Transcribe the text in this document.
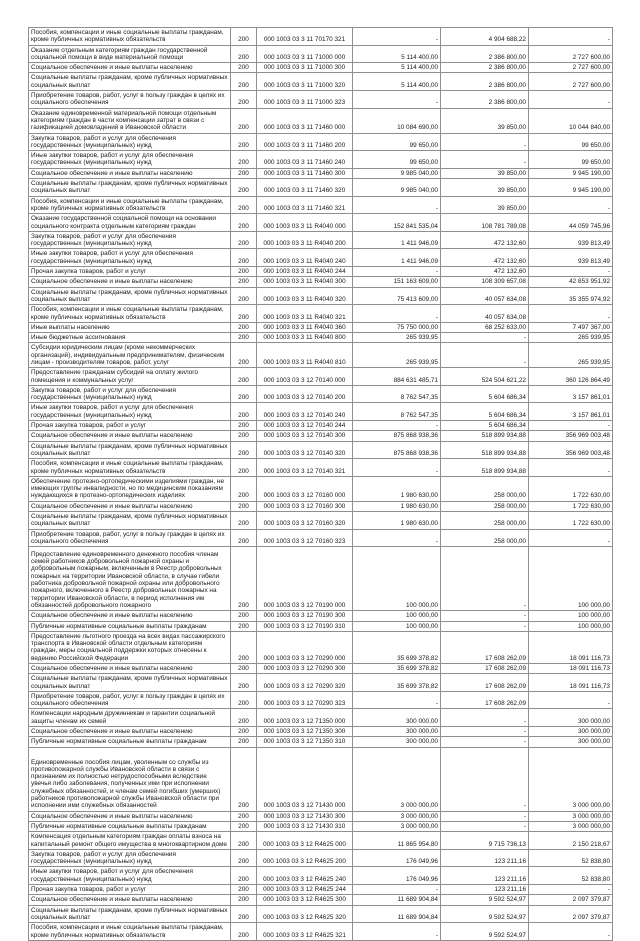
Пособия, компенсации и иные социальные выплаты гражданам, кроме публичных нормативных обязательств	200	000 1003 03 3 11 70170 321	-	4 904 688,22	-
Оказание отдельным категориям граждан государственной социальной помощи в виде материальной помощи	200	000 1003 03 3 11 71000 000	5 114 400,00	2 386 800,00	2 727 600,00
Социальное обеспечение и иные выплаты населению	200	000 1003 03 3 11 71000 300	5 114 400,00	2 386 800,00	2 727 600,00
Социальные выплаты гражданам, кроме публичных нормативных социальных выплат	200	000 1003 03 3 11 71000 320	5 114 400,00	2 386 800,00	2 727 600,00
Приобретение товаров, работ, услуг в пользу граждан в целях их социального обеспечения	200	000 1003 03 3 11 71000 323	-	2 386 800,00	-
Оказание единовременной материальной помощи отдельным категориям граждан в части компенсации затрат в связи с газификацией домовладений в Ивановской области	200	000 1003 03 3 11 71460 000	10 084 690,00	39 850,00	10 044 840,00
Закупка товаров, работ и услуг для обеспечения государственных (муниципальных) нужд	200	000 1003 03 3 11 71460 200	99 650,00	-	99 650,00
Иные закупки товаров, работ и услуг для обеспечения государственных (муниципальных) нужд	200	000 1003 03 3 11 71460 240	99 650,00	-	99 650,00
Социальное обеспечение и иные выплаты населению	200	000 1003 03 3 11 71460 300	9 985 040,00	39 850,00	9 945 190,00
Социальные выплаты гражданам, кроме публичных нормативных социальных выплат	200	000 1003 03 3 11 71460 320	9 985 040,00	39 850,00	9 945 190,00
Пособия, компенсации и иные социальные выплаты гражданам, кроме публичных нормативных обязательств	200	000 1003 03 3 11 71460 321	-	39 850,00	-
Оказание государственной социальной помощи на основании социального контракта отдельным категориям граждан	200	000 1003 03 3 11 R4040 000	152 841 535,04	108 781 789,08	44 059 745,96
Закупка товаров, работ и услуг для обеспечения государственных (муниципальных) нужд	200	000 1003 03 3 11 R4040 200	1 411 946,09	472 132,60	939 813,49
Иные закупки товаров, работ и услуг для обеспечения государственных (муниципальных) нужд	200	000 1003 03 3 11 R4040 240	1 411 946,09	472 132,60	939 813,49
Прочая закупка товаров, работ и услуг	200	000 1003 03 3 11 R4040 244	-	472 132,60	-
Социальное обеспечение и иные выплаты населению	200	000 1003 03 3 11 R4040 300	151 163 609,00	108 309 657,08	42 853 951,92
Социальные выплаты гражданам, кроме публичных нормативных социальных выплат	200	000 1003 03 3 11 R4040 320	75 413 609,00	40 057 634,08	35 355 974,92
Пособия, компенсации и иные социальные выплаты гражданам, кроме публичных нормативных обязательств	200	000 1003 03 3 11 R4040 321	-	40 057 634,08	-
Иные выплаты населению	200	000 1003 03 3 11 R4040 360	75 750 000,00	68 252 633,00	7 497 367,00
Иные бюджетные ассигнования	200	000 1003 03 3 11 R4040 800	265 939,95	-	265 939,95
Субсидии юридическим лицам (кроме некоммерческих организаций), индивидуальным предпринимателям, физическим лицам - производителям товаров, работ, услуг	200	000 1003 03 3 11 R4040 810	265 939,95	-	265 939,95
Предоставление гражданам субсидий на оплату жилого помещения и коммунальных услуг	200	000 1003 03 3 12 70140 000	884 631 485,71	524 504 621,22	360 126 864,49
Закупка товаров, работ и услуг для обеспечения государственных (муниципальных) нужд	200	000 1003 03 3 12 70140 200	8 762 547,35	5 604 686,34	3 157 861,01
Иные закупки товаров, работ и услуг для обеспечения государственных (муниципальных) нужд	200	000 1003 03 3 12 70140 240	8 762 547,35	5 604 686,34	3 157 861,01
Прочая закупка товаров, работ и услуг	200	000 1003 03 3 12 70140 244	-	5 604 686,34	-
Социальное обеспечение и иные выплаты населению	200	000 1003 03 3 12 70140 300	875 868 938,36	518 899 934,88	356 969 003,48
Социальные выплаты гражданам, кроме публичных нормативных социальных выплат	200	000 1003 03 3 12 70140 320	875 868 938,36	518 899 934,88	356 969 003,48
Пособия, компенсации и иные социальные выплаты гражданам, кроме публичных нормативных обязательств	200	000 1003 03 3 12 70140 321	-	518 899 934,88	-
Обеспечение протезно-ортопедическими изделиями граждан, не имеющих группы инвалидности, но по медицинским показаниям нуждающихся в протезно-ортопедических изделиях	200	000 1003 03 3 12 70160 000	1 980 630,00	258 000,00	1 722 630,00
Социальное обеспечение и иные выплаты населению	200	000 1003 03 3 12 70160 300	1 980 630,00	258 000,00	1 722 630,00
Социальные выплаты гражданам, кроме публичных нормативных социальных выплат	200	000 1003 03 3 12 70160 320	1 980 630,00	258 000,00	1 722 630,00
Приобретение товаров, работ, услуг в пользу граждан в целях их социального обеспечения	200	000 1003 03 3 12 70160 323	-	258 000,00	-
Предоставление единовременного денежного пособия членам семей работников добровольной пожарной охраны и добровольным пожарным, включенным в Реестр добровольных пожарных на территории Ивановской области, в случае гибели работника добровольной пожарной охраны или добровольного пожарного, включенного в Реестр добровольных пожарных на территории Ивановской области, в период исполнения им обязанностей добровольного пожарного	200	000 1003 03 3 12 70190 000	100 000,00	-	100 000,00
Социальное обеспечение и иные выплаты населению	200	000 1003 03 3 12 70190 300	100 000,00	-	100 000,00
Публичные нормативные социальные выплаты гражданам	200	000 1003 03 3 12 70190 310	100 000,00	-	100 000,00
Предоставление льготного проезда на всех видах пассажирского транспорта в Ивановской области отдельным категориям граждан, меры социальной поддержки которых отнесены к ведению Российской Федерации	200	000 1003 03 3 12 70290 000	35 699 378,82	17 608 262,09	18 091 116,73
Социальное обеспечение и иные выплаты населению	200	000 1003 03 3 12 70290 300	35 699 378,82	17 608 262,09	18 091 116,73
Социальные выплаты гражданам, кроме публичных нормативных социальных выплат	200	000 1003 03 3 12 70290 320	35 699 378,82	17 608 262,09	18 091 116,73
Приобретение товаров, работ, услуг в пользу граждан в целях их социального обеспечения	200	000 1003 03 3 12 70290 323	-	17 608 262,09	-
Компенсации народным дружинникам и гарантии социальной защиты членам их семей	200	000 1003 03 3 12 71350 000	300 000,00	-	300 000,00
Социальное обеспечение и иные выплаты населению	200	000 1003 03 3 12 71350 300	300 000,00	-	300 000,00
Публичные нормативные социальные выплаты гражданам	200	000 1003 03 3 12 71350 310	300 000,00	-	300 000,00
Единовременные пособия лицам, уволенным со службы из противопожарной службы Ивановской области в связи с признанием их полностью нетрудоспособными вследствие увечья либо заболевания, полученных ими при исполнении служебных обязанностей, и членам семей погибших (умерших) работников противопожарной службы Ивановской области при исполнении ими служебных обязанностей	200	000 1003 03 3 12 71430 000	3 000 000,00	-	3 000 000,00
Социальное обеспечение и иные выплаты населению	200	000 1003 03 3 12 71430 300	3 000 000,00	-	3 000 000,00
Публичные нормативные социальные выплаты гражданам	200	000 1003 03 3 12 71430 310	3 000 000,00	-	3 000 000,00
Компенсация отдельным категориям граждан оплаты взноса на капитальный ремонт общего имущества в многоквартирном доме	200	000 1003 03 3 12 R4625 000	11 865 954,80	9 715 736,13	2 150 218,67
Закупка товаров, работ и услуг для обеспечения государственных (муниципальных) нужд	200	000 1003 03 3 12 R4625 200	176 049,96	123 211,16	52 838,80
Иные закупки товаров, работ и услуг для обеспечения государственных (муниципальных) нужд	200	000 1003 03 3 12 R4625 240	176 049,96	123 211,16	52 838,80
Прочая закупка товаров, работ и услуг	200	000 1003 03 3 12 R4625 244	-	123 211,16	-
Социальное обеспечение и иные выплаты населению	200	000 1003 03 3 12 R4625 300	11 689 904,84	9 592 524,97	2 097 379,87
Социальные выплаты гражданам, кроме публичных нормативных социальных выплат	200	000 1003 03 3 12 R4625 320	11 689 904,84	9 592 524,97	2 097 379,87
Пособия, компенсации и иные социальные выплаты гражданам, кроме публичных нормативных обязательств	200	000 1003 03 3 12 R4625 321	-	9 592 524,97	-
